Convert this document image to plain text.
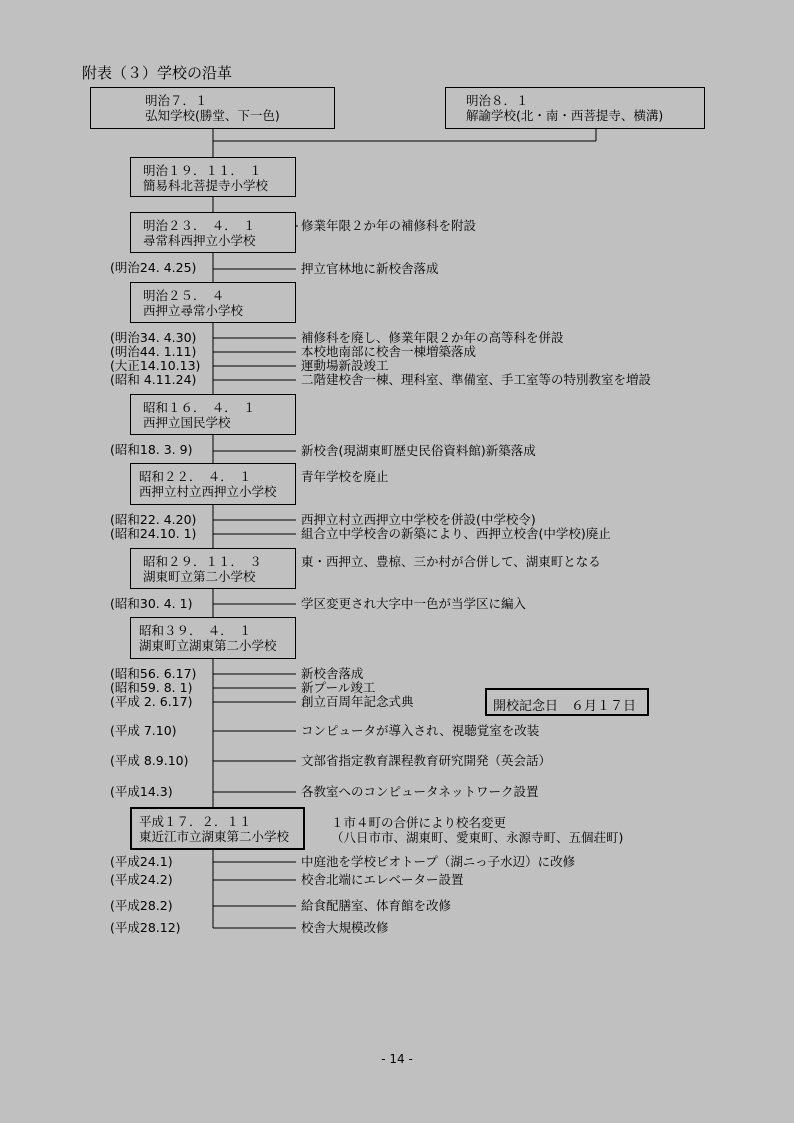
附表（３）学校の沿革
明治７．１
弘知学校(勝堂、下一色)
明治８．１
解諭学校(北・南・西菩提寺、横溝)
明治１９．１１．　１
簡易科北菩提寺小学校
明治２３．　４．　１
尋常科西押立小学校
修業年限２か年の補修科を附設
明治２５．　４
西押立尋常小学校
昭和１６．　４．　１
西押立国民学校
昭和２２．　４．　１
西押立村立西押立小学校
青年学校を廃止
昭和２９．１１．　３
湖東町立第二小学校
東・西押立、豊椋、三か村が合併して、湖東町となる
昭和３９．　４．　１
湖東町立湖東第二小学校
平成１７．２．１１
東近江市立湖東第二小学校
１市４町の合併により校名変更
（八日市市、湖東町、愛東町、永源寺町、五個荘町)
(明治24. 4.25)
(明治34. 4.30)
(明治44. 1.11)
(大正14.10.13)
(昭和 4.11.24)
(昭和18. 3. 9)
(昭和22. 4.20)
(昭和24.10. 1)
(昭和30. 4. 1)
(昭和56. 6.17)
(昭和59. 8. 1)
(平成 2. 6.17)
(平成 7.10)
(平成 8.9.10)
(平成14.3)
(平成24.1)
(平成24.2)
(平成28.2)
(平成28.12)
押立官林地に新校舎落成
補修科を廃し、修業年限２か年の高等科を併設
本校地南部に校舎一棟増築落成
運動場新設竣工
二階建校舎一棟、理科室、準備室、手工室等の特別教室を増設
新校舎(現湖東町歴史民俗資料館)新築落成
西押立村立西押立中学校を併設(中学校令)
組合立中学校舎の新築により、西押立校舎(中学校)廃止
学区変更され大字中一色が当学区に編入
新校舎落成
新プール竣工
創立百周年記念式典
コンピュータが導入され、視聴覚室を改装
文部省指定教育課程教育研究開発（英会話）
各教室へのコンピュータネットワーク設置
中庭池を学校ビオトープ（湖ニっ子水辺）に改修
校舎北端にエレベーター設置
給食配膳室、体育館を改修
校舎大規模改修
開校記念日　６月１７日
- 14 -
